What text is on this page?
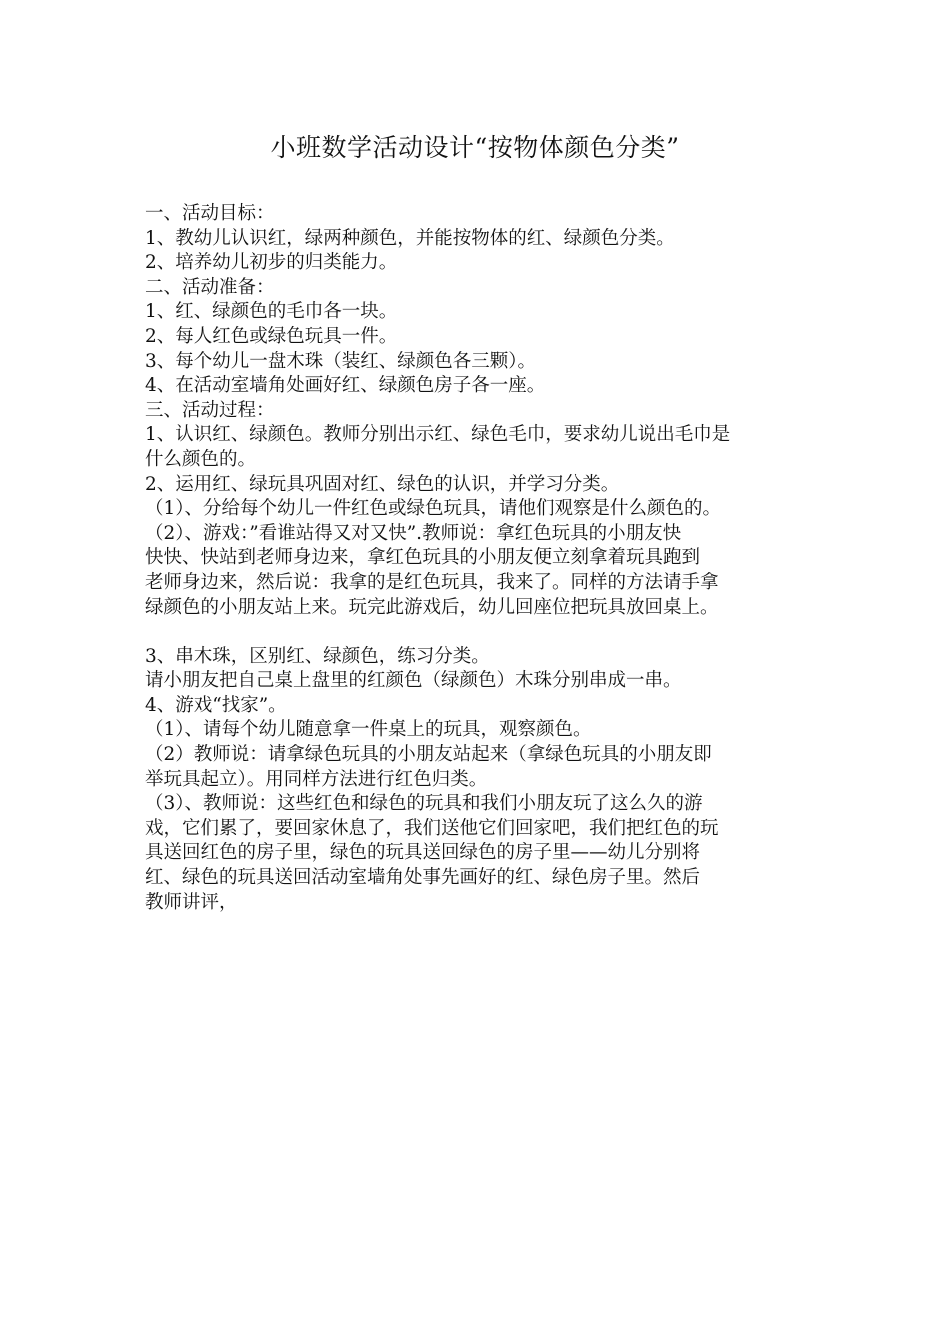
小班数学活动设计“按物体颜色分类”
一、活动目标：
1、教幼儿认识红，绿两种颜色，并能按物体的红、绿颜色分类。
2、培养幼儿初步的归类能力。
二、活动准备：
1、红、绿颜色的毛巾各一块。
2、每人红色或绿色玩具一件。
3、每个幼儿一盘木珠（装红、绿颜色各三颗）。
4、在活动室墙角处画好红、绿颜色房子各一座。
三、活动过程：
1、认识红、绿颜色。教师分别出示红、绿色毛巾，要求幼儿说出毛巾是
什么颜色的。
2、运用红、绿玩具巩固对红、绿色的认识，并学习分类。
（1）、分给每个幼儿一件红色或绿色玩具，请他们观察是什么颜色的。
（2）、游戏：”看谁站得又对又快”.教师说：拿红色玩具的小朋友快
快快、快站到老师身边来，拿红色玩具的小朋友便立刻拿着玩具跑到
老师身边来，然后说：我拿的是红色玩具，我来了。同样的方法请手拿
绿颜色的小朋友站上来。玩完此游戏后，幼儿回座位把玩具放回桌上。
3、串木珠，区别红、绿颜色，练习分类。
请小朋友把自己桌上盘里的红颜色（绿颜色）木珠分别串成一串。
4、游戏“找家”。
（1）、请每个幼儿随意拿一件桌上的玩具，观察颜色。
（2）教师说：请拿绿色玩具的小朋友站起来（拿绿色玩具的小朋友即
举玩具起立）。用同样方法进行红色归类。
（3）、教师说：这些红色和绿色的玩具和我们小朋友玩了这么久的游
戏，它们累了，要回家休息了，我们送他它们回家吧，我们把红色的玩
具送回红色的房子里，绿色的玩具送回绿色的房子里——幼儿分别将
红、绿色的玩具送回活动室墙角处事先画好的红、绿色房子里。然后
教师讲评，
